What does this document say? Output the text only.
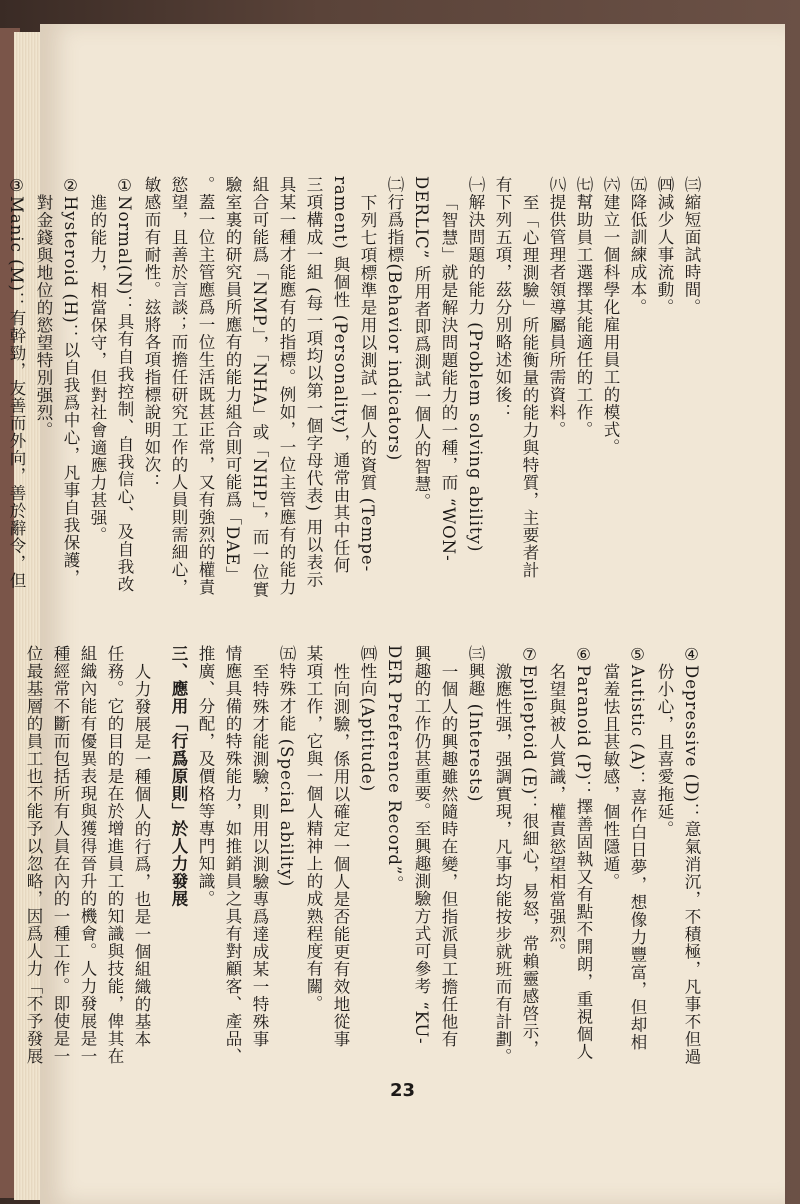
㈢縮短面試時間。
㈣減少人事流動。
㈤降低訓練成本。
㈥建立一個科學化雇用員工的模式。
㈦幫助員工選擇其能適任的工作。
㈧提供管理者領導屬員所需資料。
至「心理測驗」所能衡量的能力與特質，主要者計
有下列五項，茲分別略述如後：
㈠解決問題的能力 (Problem solving ability)
「智慧」就是解決問題能力的一種，而 “WON-
DERLIC” 所用者即爲測試一個人的智慧。
㈡行爲指標(Behavior indicators)
下列七項標準是用以測試一個人的資質 (Tempe-
rament) 與個性 (Personality)，通常由其中任何
三項構成一組 (每一項均以第一個字母代表) 用以表示
具某一種才能應有的指標。例如，一位主管應有的能力
組合可能爲「NMP」，「NHA」或「NHP」，而一位實
驗室裏的研究員所應有的能力組合則可能爲「DAE」
。蓋一位主管應爲一位生活既甚正常，又有強烈的權責
慾望，且善於言談；而擔任研究工作的人員則需細心，
敏感而有耐性。玆將各項指標說明如次：
①Normal(N)：具有自我控制、自我信心、及自我改
進的能力，相當保守，但對社會適應力甚强。
②Hysteroid (H)：以自我爲中心，凡事自我保護，
對金錢與地位的慾望特別强烈。
③Manic (M)：有幹勁，友善而外向，善於辭令，但
④Depressive (D)：意氣消沉，不積極，凡事不但過
份小心，且喜愛拖延。
⑤Autistic (A)：喜作白日夢，想像力豐富，但却相
當羞怯且甚敏感，個性隱遁。
⑥Paranoid (P)：擇善固執又有點不開朗，重視個人
名望與被人賞識，權責慾望相當强烈。
⑦Epileptoid (E)：很細心，易怒，常賴靈感啓示，
激應性强，强調實現，凡事均能按步就班而有計劃。
㈢興趣 (Interests)
一個人的興趣雖然隨時在變，但指派員工擔任他有
興趣的工作仍甚重要。至興趣測驗方式可參考 “KU-
DER Preference Record”。
㈣性向(Aptitude)
性向測驗，係用以確定一個人是否能更有效地從事
某項工作，它與一個人精神上的成熟程度有關。
㈤特殊才能 (Special ability)
至特殊才能測驗，則用以測驗專爲達成某一特殊事
情應具備的特殊能力，如推銷員之具有對顧客、產品、
推廣、分配，及價格等專門知識。
三、應用「行爲原則」於人力發展
人力發展是一種個人的行爲，也是一個組織的基本
任務。它的目的是在於增進員工的知識與技能，俾其在
組織內能有優異表現與獲得晉升的機會。人力發展是一
種經常不斷而包括所有人員在內的一種工作。即使是一
位最基層的員工也不能予以忽略，因爲人力「不予發展
23
